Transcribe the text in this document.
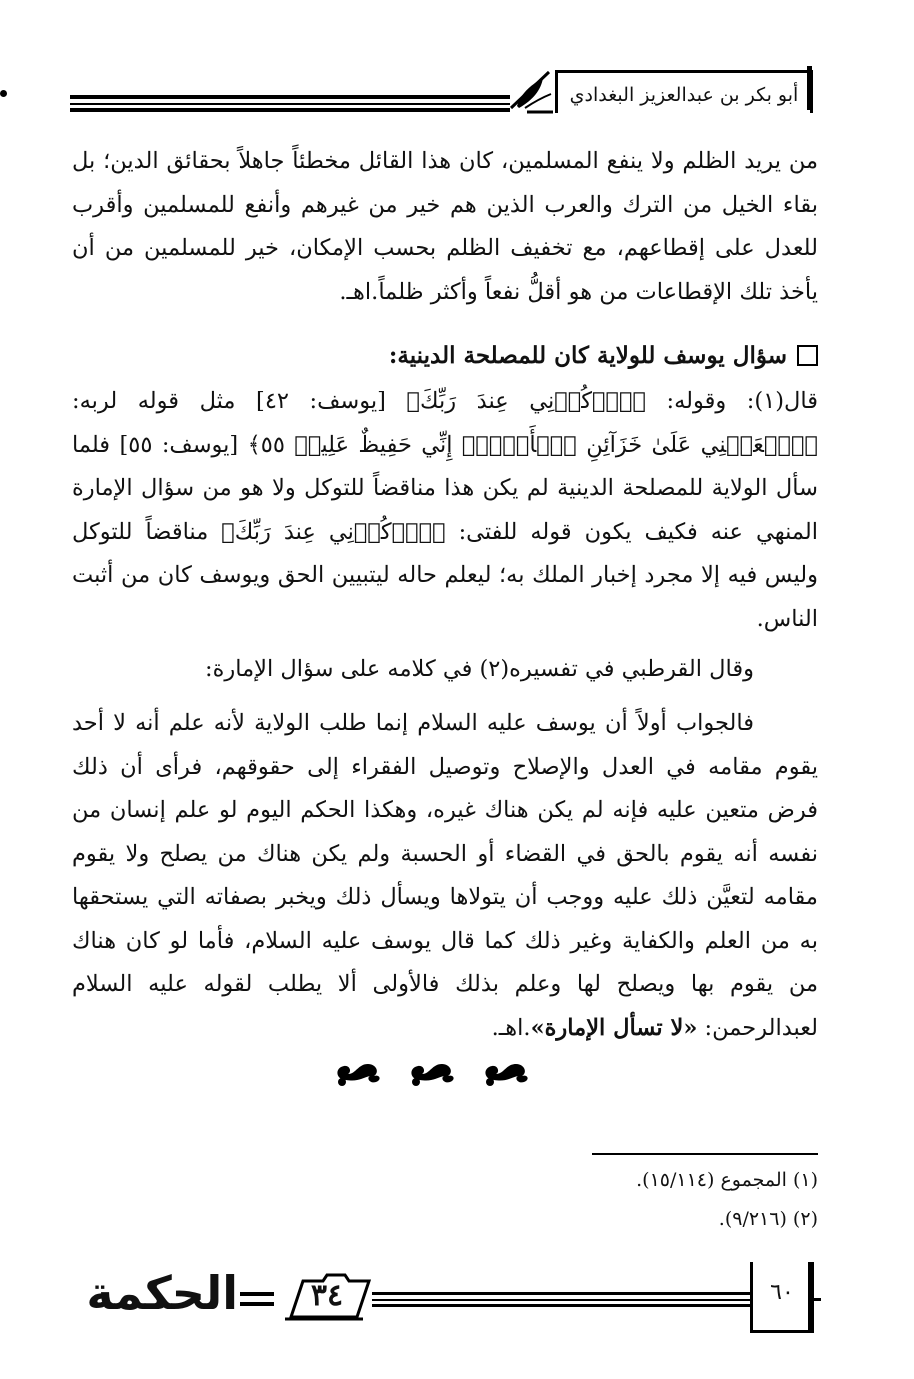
أبو بكر بن عبدالعزيز البغدادي

من يريد الظلم ولا ينفع المسلمين، كان هذا القائل مخطئاً جاهلاً بحقائق الدين؛ بل بقاء الخيل من الترك والعرب الذين هم خير من غيرهم وأنفع للمسلمين وأقرب للعدل على إقطاعهم، مع تخفيف الظلم بحسب الإمكان، خير للمسلمين من أن يأخذ تلك الإقطاعات من هو أقلُّ نفعاً وأكثر ظلماً.اهـ.

سؤال يوسف للولاية كان للمصلحة الدينية:

قال(١): وقوله: ﴿ٱذۡكُرۡنِي عِندَ رَبِّكَ﴾ [يوسف: ٤٢] مثل قوله لربه: ﴿ٱجۡعَلۡنِي عَلَىٰ خَزَآئِنِ ٱلۡأَرۡضِۖ إِنِّي حَفِيظٌ عَلِيمٞ ٥٥﴾ [يوسف: ٥٥] فلما سأل الولاية للمصلحة الدينية لم يكن هذا مناقضاً للتوكل ولا هو من سؤال الإمارة المنهي عنه فكيف يكون قوله للفتى: ﴿ٱذۡكُرۡنِي عِندَ رَبِّكَ﴾ مناقضاً للتوكل وليس فيه إلا مجرد إخبار الملك به؛ ليعلم حاله ليتبيين الحق ويوسف كان من أثبت الناس.

وقال القرطبي في تفسيره(٢) في كلامه على سؤال الإمارة:

فالجواب أولاً أن يوسف عليه السلام إنما طلب الولاية لأنه علم أنه لا أحد يقوم مقامه في العدل والإصلاح وتوصيل الفقراء إلى حقوقهم، فرأى أن ذلك فرض متعين عليه فإنه لم يكن هناك غيره، وهكذا الحكم اليوم لو علم إنسان من نفسه أنه يقوم بالحق في القضاء أو الحسبة ولم يكن هناك من يصلح ولا يقوم مقامه لتعيَّن ذلك عليه ووجب أن يتولاها ويسأل ذلك ويخبر بصفاته التي يستحقها به من العلم والكفاية وغير ذلك كما قال يوسف عليه السلام، فأما لو كان هناك من يقوم بها ويصلح لها وعلم بذلك فالأولى ألا يطلب لقوله عليه السلام لعبدالرحمن: «لا تسأل الإمارة».اهـ.

(١) المجموع (١٥/١١٤).
(٢) (٩/٢١٦).
٦٠
٣٤
الحكمة
